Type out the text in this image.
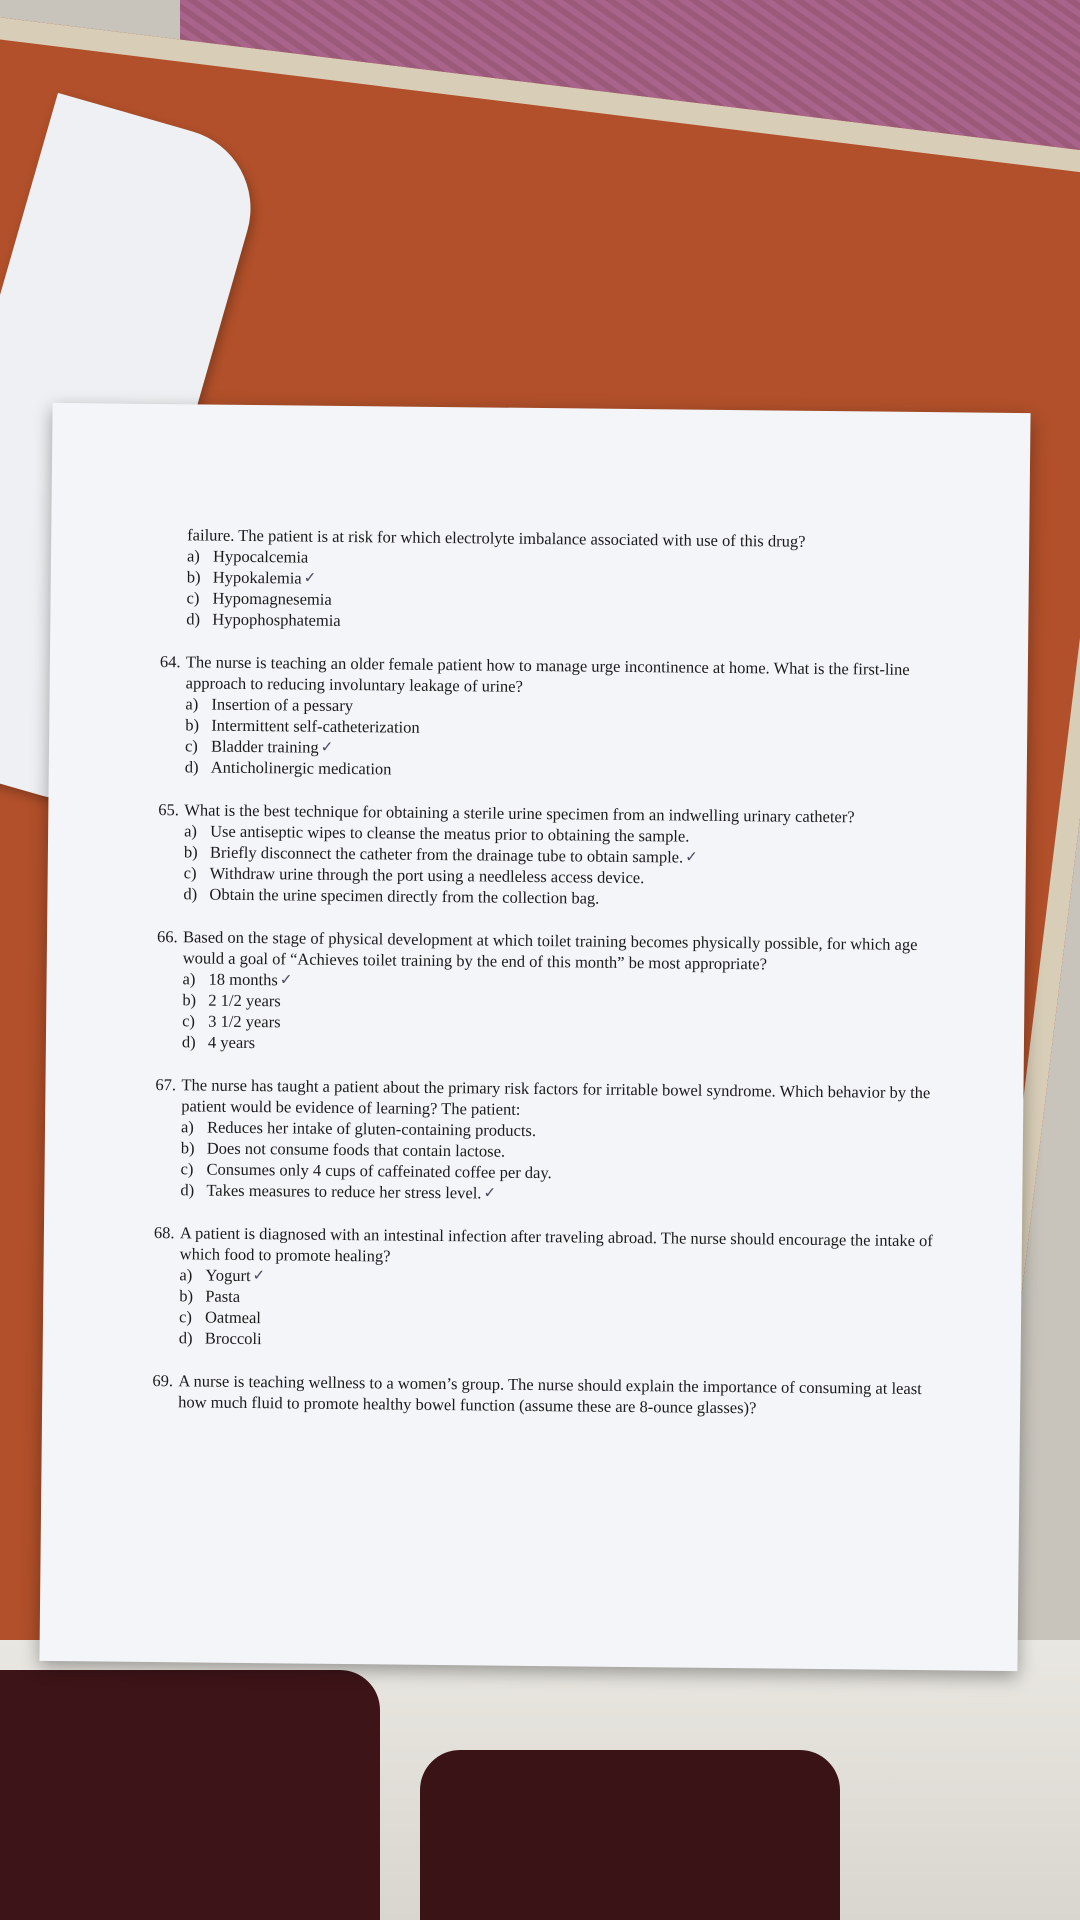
failure. The patient is at risk for which electrolyte imbalance associated with use of this drug?
a) Hypocalcemia
b) Hypokalemia ✓
c) Hypomagnesemia
d) Hypophosphatemia
64. The nurse is teaching an older female patient how to manage urge incontinence at home. What is the first-line approach to reducing involuntary leakage of urine?
a) Insertion of a pessary
b) Intermittent self-catheterization
c) Bladder training ✓
d) Anticholinergic medication
65. What is the best technique for obtaining a sterile urine specimen from an indwelling urinary catheter?
a) Use antiseptic wipes to cleanse the meatus prior to obtaining the sample.
b) Briefly disconnect the catheter from the drainage tube to obtain sample. ✓
c) Withdraw urine through the port using a needleless access device.
d) Obtain the urine specimen directly from the collection bag.
66. Based on the stage of physical development at which toilet training becomes physically possible, for which age would a goal of “Achieves toilet training by the end of this month” be most appropriate?
a) 18 months ✓
b) 2 1/2 years
c) 3 1/2 years
d) 4 years
67. The nurse has taught a patient about the primary risk factors for irritable bowel syndrome. Which behavior by the patient would be evidence of learning? The patient:
a) Reduces her intake of gluten-containing products.
b) Does not consume foods that contain lactose.
c) Consumes only 4 cups of caffeinated coffee per day.
d) Takes measures to reduce her stress level. ✓
68. A patient is diagnosed with an intestinal infection after traveling abroad. The nurse should encourage the intake of which food to promote healing?
a) Yogurt ✓
b) Pasta
c) Oatmeal
d) Broccoli
69. A nurse is teaching wellness to a women’s group. The nurse should explain the importance of consuming at least how much fluid to promote healthy bowel function (assume these are 8-ounce glasses)?
